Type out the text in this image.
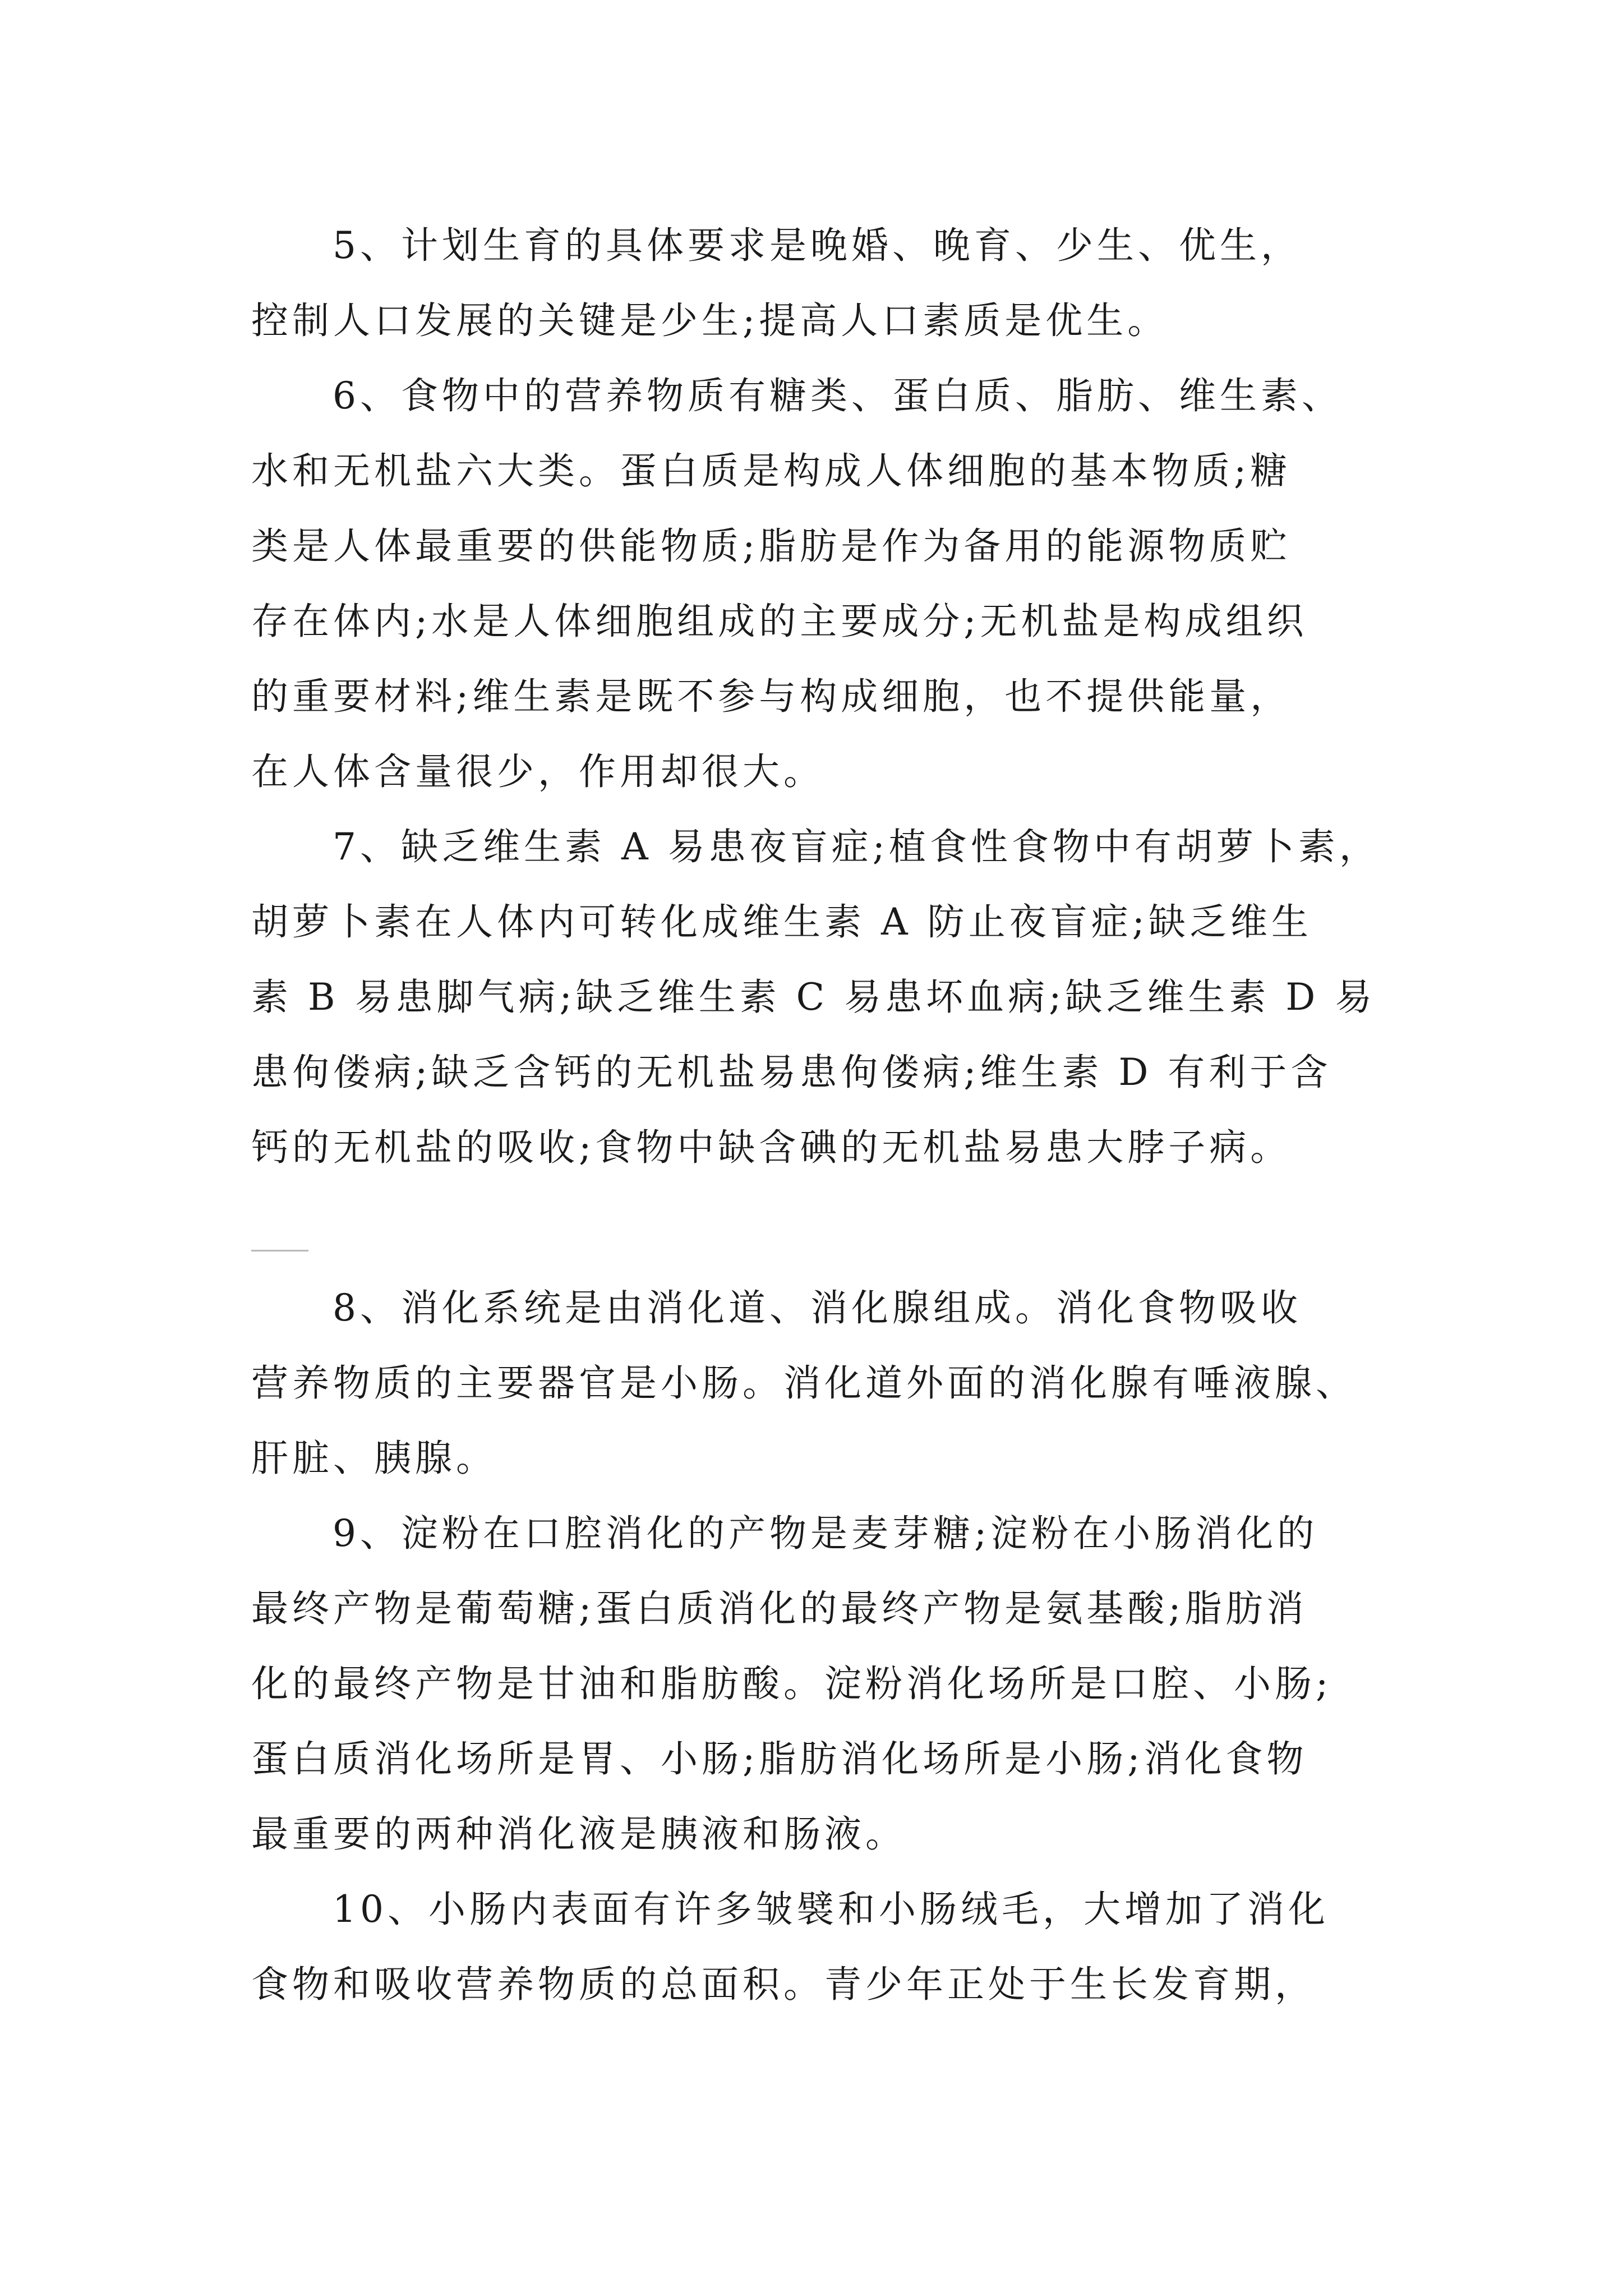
5、计划生育的具体要求是晚婚、晚育、少生、优生，
控制人口发展的关键是少生;提高人口素质是优生。
6、食物中的营养物质有糖类、蛋白质、脂肪、维生素、
水和无机盐六大类。蛋白质是构成人体细胞的基本物质;糖
类是人体最重要的供能物质;脂肪是作为备用的能源物质贮
存在体内;水是人体细胞组成的主要成分;无机盐是构成组织
的重要材料;维生素是既不参与构成细胞，也不提供能量，
在人体含量很少，作用却很大。
7、缺乏维生素 A 易患夜盲症;植食性食物中有胡萝卜素，
胡萝卜素在人体内可转化成维生素 A 防止夜盲症;缺乏维生
素 B 易患脚气病;缺乏维生素 C 易患坏血病;缺乏维生素 D 易
患佝偻病;缺乏含钙的无机盐易患佝偻病;维生素 D 有利于含
钙的无机盐的吸收;食物中缺含碘的无机盐易患大脖子病。
8、消化系统是由消化道、消化腺组成。消化食物吸收
营养物质的主要器官是小肠。消化道外面的消化腺有唾液腺、
肝脏、胰腺。
9、淀粉在口腔消化的产物是麦芽糖;淀粉在小肠消化的
最终产物是葡萄糖;蛋白质消化的最终产物是氨基酸;脂肪消
化的最终产物是甘油和脂肪酸。淀粉消化场所是口腔、小肠;
蛋白质消化场所是胃、小肠;脂肪消化场所是小肠;消化食物
最重要的两种消化液是胰液和肠液。
10、小肠内表面有许多皱襞和小肠绒毛，大增加了消化
食物和吸收营养物质的总面积。青少年正处于生长发育期，
